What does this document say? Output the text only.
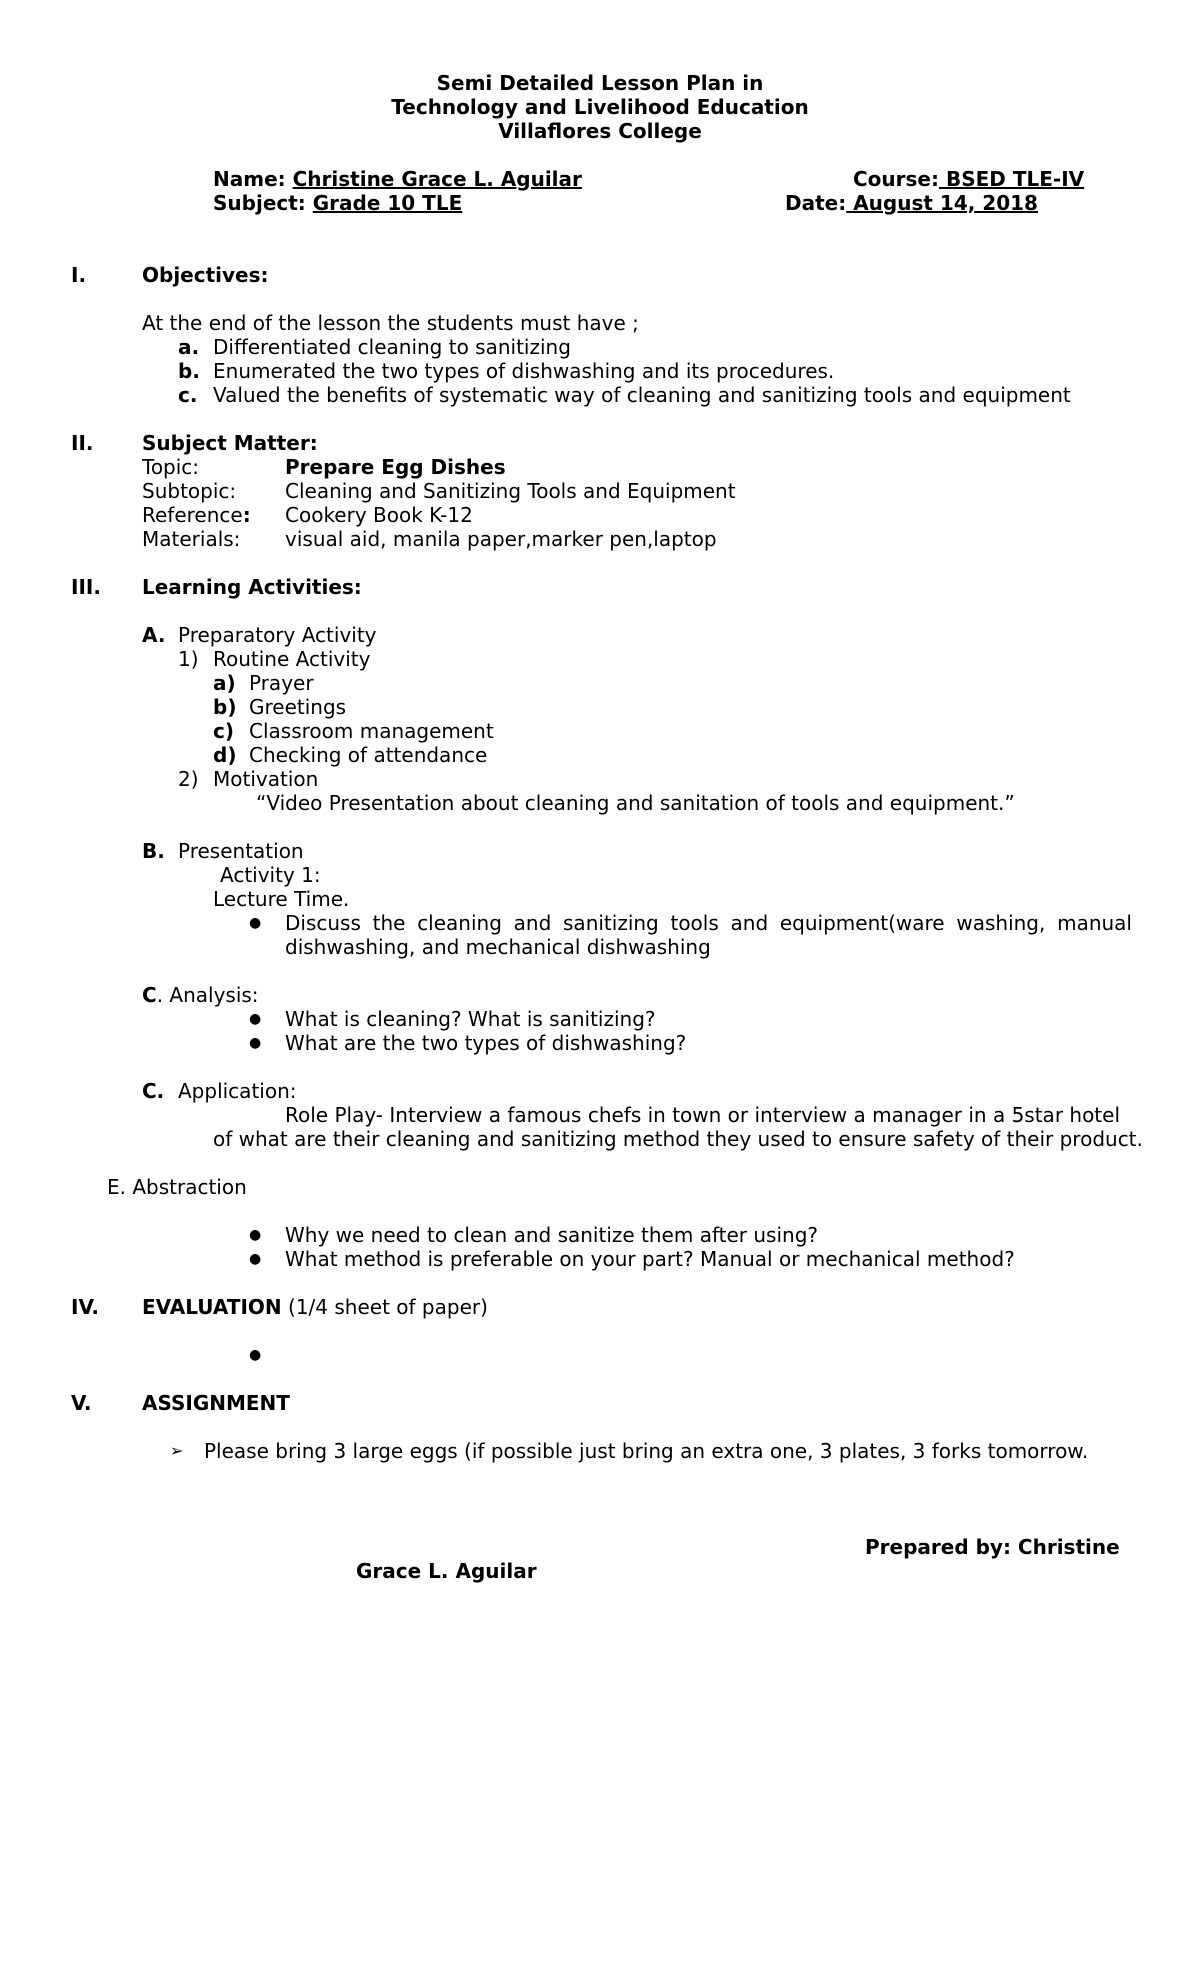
Semi Detailed Lesson Plan in
Technology and Livelihood Education
Villaflores College
Name: Christine Grace L. Aguilar	Course: BSED TLE-IV
Subject: Grade 10 TLE	Date: August 14, 2018
I.	Objectives:
At the end of the lesson the students must have ;
a. Differentiated cleaning to sanitizing
b. Enumerated the two types of dishwashing and its procedures.
c. Valued the benefits of systematic way of cleaning and sanitizing tools and equipment
II. Subject Matter:
Topic:	Prepare Egg Dishes
Subtopic: Cleaning and Sanitizing Tools and Equipment
Reference: Cookery Book K-12
Materials: visual aid, manila paper,marker pen,laptop
III. Learning Activities:
A. Preparatory Activity
1) Routine Activity
a) Prayer
b) Greetings
c) Classroom management
d) Checking of attendance
2) Motivation
“Video Presentation about cleaning and sanitation of tools and equipment.”
B. Presentation
Activity 1:
Lecture Time.
● Discuss the cleaning and sanitizing tools and equipment(ware washing, manual dishwashing, and mechanical dishwashing
C. Analysis:
● What is cleaning? What is sanitizing?
● What are the two types of dishwashing?
C. Application:
Role Play- Interview a famous chefs in town or interview a manager in a 5star hotel
of what are their cleaning and sanitizing method they used to ensure safety of their product.
E. Abstraction
● Why we need to clean and sanitize them after using?
● What method is preferable on your part? Manual or mechanical method?
IV. EVALUATION (1/4 sheet of paper)
●
V.	ASSIGNMENT
➢ Please bring 3 large eggs (if possible just bring an extra one, 3 plates, 3 forks tomorrow.
Prepared by: Christine
Grace L. Aguilar
